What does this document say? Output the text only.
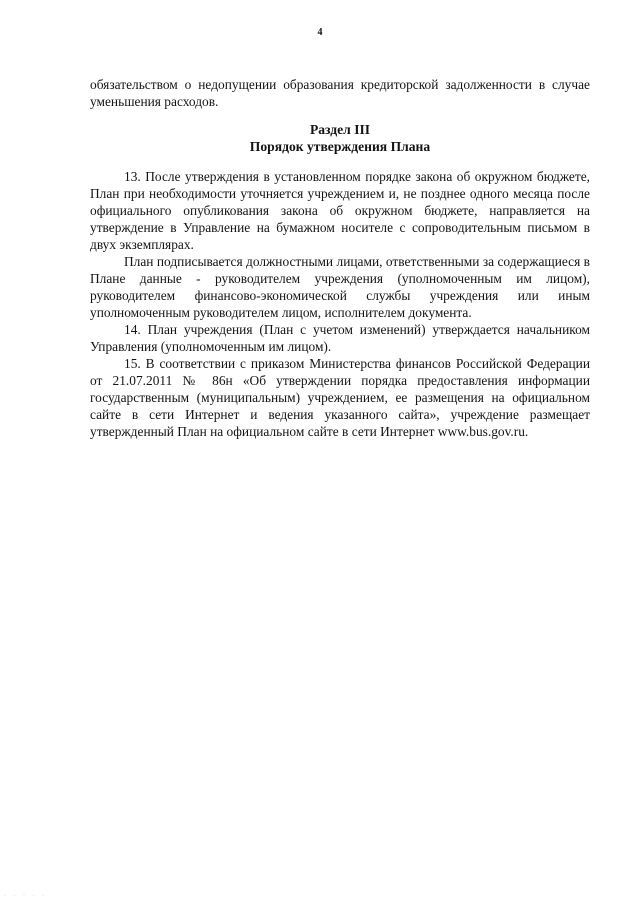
4

обязательством о недопущении образования кредиторской задолженности в случае уменьшения расходов.

Раздел III
Порядок утверждения Плана

13. После утверждения в установленном порядке закона об окружном бюджете, План при необходимости уточняется учреждением и, не позднее одного месяца после официального опубликования закона об окружном бюджете, направляется на утверждение в Управление на бумажном носителе с сопроводительным письмом в двух экземплярах.

План подписывается должностными лицами, ответственными за содержащиеся в Плане данные - руководителем учреждения (уполномоченным им лицом), руководителем финансово-экономической службы учреждения или иным уполномоченным руководителем лицом, исполнителем документа.

14. План учреждения (План с учетом изменений) утверждается начальником Управления (уполномоченным им лицом).

15. В соответствии с приказом Министерства финансов Российской Федерации от 21.07.2011 № 86н «Об утверждении порядка предоставления информации государственным (муниципальным) учреждением, ее размещения на официальном сайте в сети Интернет и ведения указанного сайта», учреждение размещает утвержденный План на официальном сайте в сети Интернет www.bus.gov.ru.

· · · · ·
